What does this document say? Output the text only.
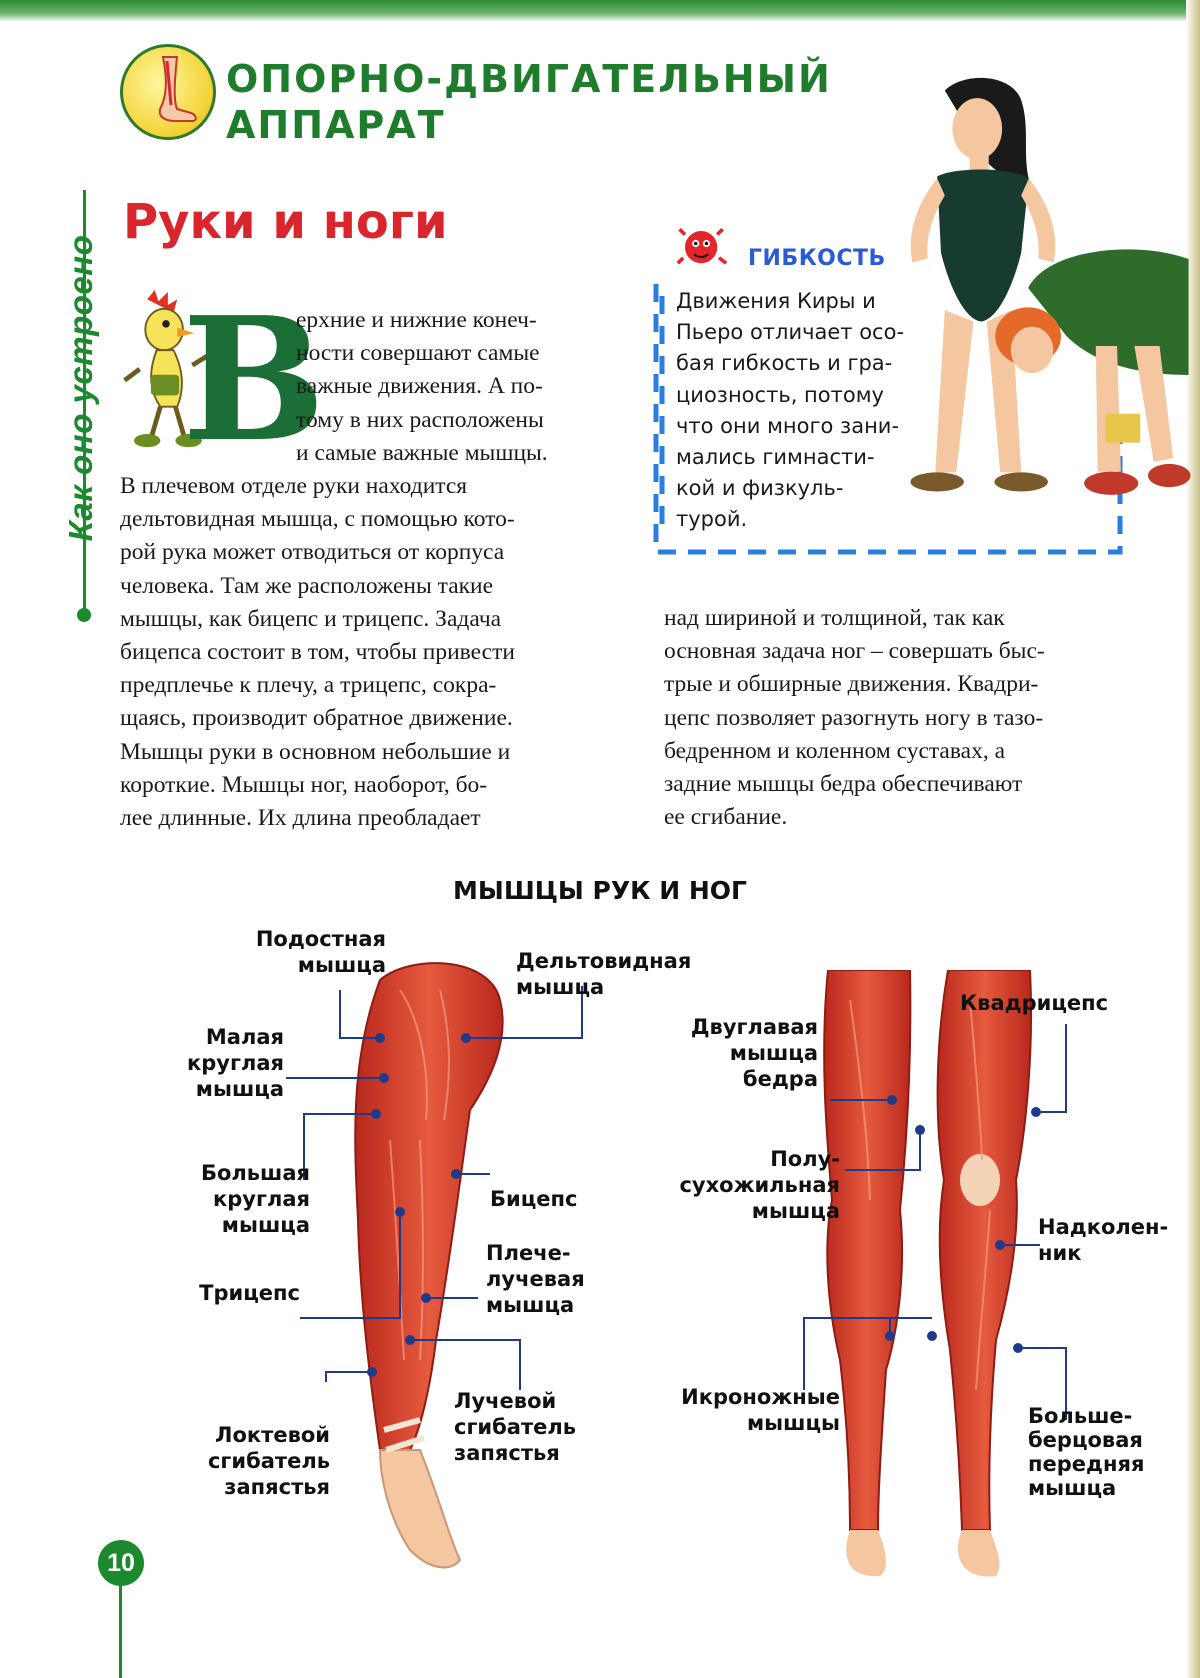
Как оно устроено
ОПОРНО-ДВИГАТЕЛЬНЫЙ
АППАРАТ
Руки и ноги
В
ерхние и нижние конеч-
ности совершают самые
важные движения. А по-
тому в них расположены
и самые важные мышцы.
В плечевом отделе руки находится
дельтовидная мышца, с помощью кото-
рой рука может отводиться от корпуса
человека. Там же расположены такие
мышцы, как бицепс и трицепс. Задача
бицепса состоит в том, чтобы привести
предплечье к плечу, а трицепс, сокра-
щаясь, производит обратное движение.
Мышцы руки в основном небольшие и
короткие. Мышцы ног, наоборот, бо-
лее длинные. Их длина преобладает
над шириной и толщиной, так как
основная задача ног – совершать быс-
трые и обширные движения. Квадри-
цепс позволяет разогнуть ногу в тазо-
бедренном и коленном суставах, а
задние мышцы бедра обеспечивают
ее сгибание.
ГИБКОСТЬ
Движения Киры и
Пьеро отличает осо-
бая гибкость и гра-
циозность, потому
что они много зани-
мались гимнасти-
кой и физкуль-
турой.
МЫШЦЫ РУК И НОГ
Подостная
мышца	Дельтовидная
мышца
Малая
круглая
мышца
Большая
круглая
мышца
Бицепс
Трицепс
Плече-
лучевая
мышца
Лучевой
сгибатель
запястья
Локтевой
сгибатель
запястья
Двуглавая
мышца
бедра
Полу-
сухожильная
мышца
Квадрицепс
Надколен-
ник
Икроножные
мышцы	Больше-
берцовая
передняя
мышца
10
